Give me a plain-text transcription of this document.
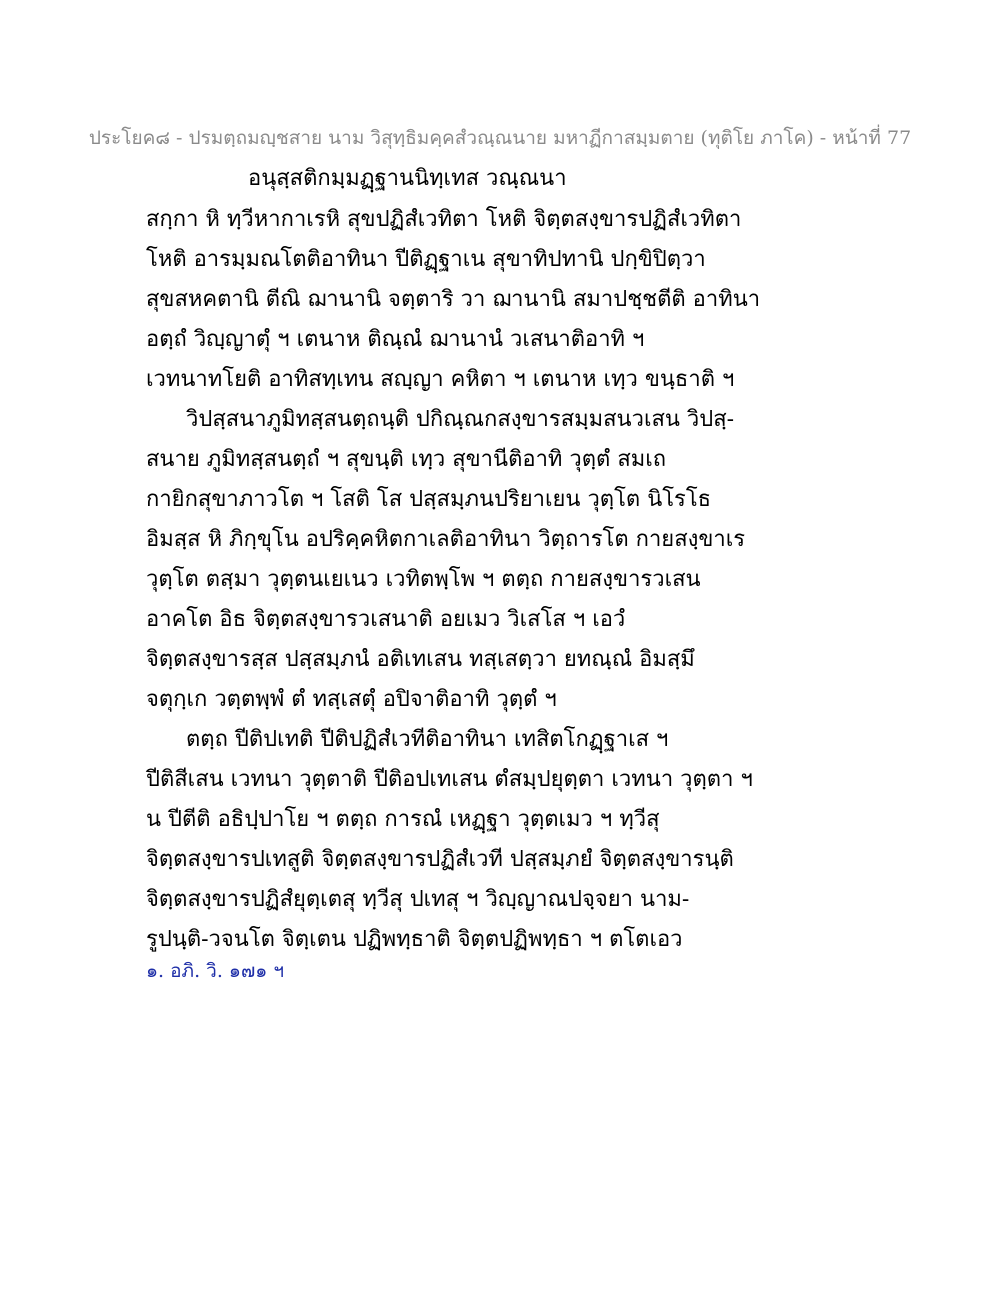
ประโยค๘ - ปรมตฺถมญฺชสาย นาม วิสุทฺธิมคฺคสํวณฺณนาย มหาฏีกาสมฺมตาย (ทุติโย ภาโค) - หน้าที่ 77
อนุสฺสติกมฺมฏฺฐานนิทฺเทส วณฺณนา
สกฺกา หิ ทฺวีหากาเรหิ สุขปฏิสํเวทิตา โหติ จิตฺตสงฺขารปฏิสํเวทิตา
โหติ อารมฺมณโตติอาทินา ปีติฏฺฐาเน สุขาทิปทานิ ปกฺขิปิตฺวา
สุขสหคตานิ ตีณิ ฌานานิ จตฺตาริ วา ฌานานิ สมาปชฺชตีติ อาทินา
อตฺถํ วิญฺญาตุํ ฯ เตนาห ติณฺณํ ฌานานํ วเสนาติอาทิ ฯ
เวทนาทโยติ อาทิสทฺเทน สญฺญา คหิตา ฯ เตนาห เทฺว ขนฺธาติ ฯ
วิปสฺสนาภูมิทสฺสนตฺถนฺติ ปกิณฺณกสงฺขารสมฺมสนวเสน วิปสฺ-
สนาย ภูมิทสฺสนตฺถํ ฯ สุขนฺติ เทฺว สุขานีติอาทิ วุตฺตํ สมเถ
กายิกสุขาภาวโต ฯ โสติ โส ปสฺสมฺภนปริยาเยน วุตฺโต นิโรโธ
อิมสฺส หิ ภิกฺขุโน อปริคฺคหิตกาเลติอาทินา วิตฺถารโต กายสงฺขาเร
วุตฺโต ตสฺมา วุตฺตนเยเนว เวทิตพฺโพ ฯ ตตฺถ กายสงฺขารวเสน
อาคโต อิธ จิตฺตสงฺขารวเสนาติ อยเมว วิเสโส ฯ เอวํ
จิตฺตสงฺขารสฺส ปสฺสมฺภนํ อติเทเสน ทสฺเสตฺวา ยทณฺณํ อิมสฺมึ
จตุกฺเก วตฺตพฺพํ ตํ ทสฺเสตุํ อปิจาติอาทิ วุตฺตํ ฯ
ตตฺถ ปีติปเทติ ปีติปฏิสํเวทีติอาทินา เทสิตโกฏฺฐาเส ฯ
ปีติสีเสน เวทนา วุตฺตาติ ปีติอปเทเสน ตํสมฺปยุตฺตา เวทนา วุตฺตา ฯ
น ปีตีติ อธิปฺปาโย ฯ ตตฺถ การณํ เหฏฺฐา วุตฺตเมว ฯ ทฺวีสุ
จิตฺตสงฺขารปเทสูติ จิตฺตสงฺขารปฏิสํเวที ปสฺสมฺภยํ จิตฺตสงฺขารนฺติ
จิตฺตสงฺขารปฏิสํยุตฺเตสุ ทฺวีสุ ปเทสุ ฯ วิญฺญาณปจฺจยา นาม-
รูปนฺติ-วจนโต จิตฺเตน ปฏิพทฺธาติ จิตฺตปฏิพทฺธา ฯ ตโตเอว
๑. อภิ. วิ. ๑๗๑ ฯ
